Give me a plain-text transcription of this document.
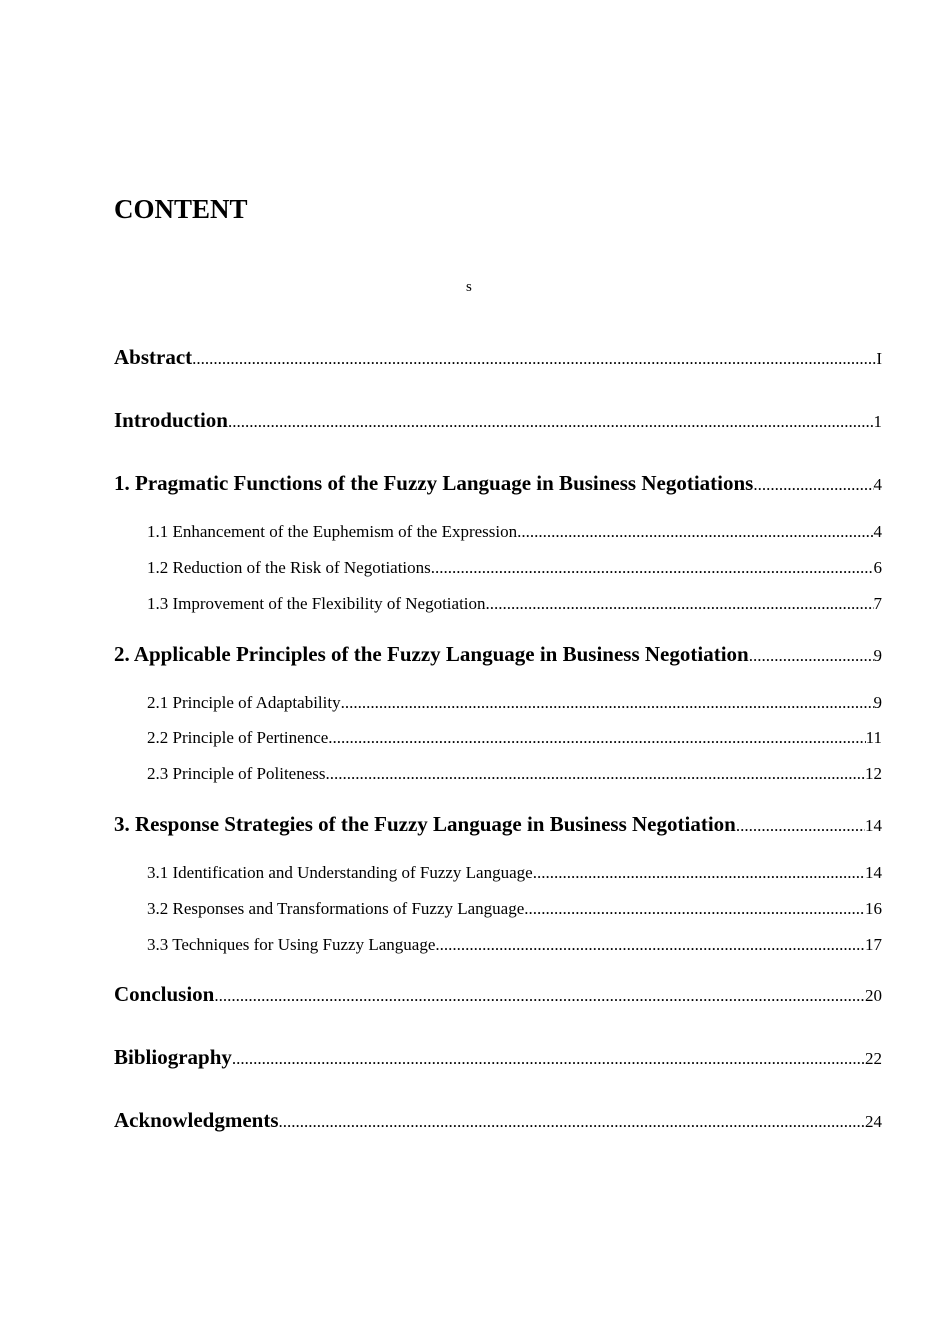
CONTENT
s
Abstract .....	I
Introduction .....	1
1. Pragmatic Functions of the Fuzzy Language in Business Negotiations .....	4
1.1 Enhancement of the Euphemism of the Expression .....	4
1.2 Reduction of the Risk of Negotiations .....	6
1.3 Improvement of the Flexibility of Negotiation .....	7
2. Applicable Principles of the Fuzzy Language in Business Negotiation .....	9
2.1 Principle of Adaptability .....	9
2.2 Principle of Pertinence .....	11
2.3 Principle of Politeness .....	12
3. Response Strategies of the Fuzzy Language in Business Negotiation .....	14
3.1 Identification and Understanding of Fuzzy Language .....	14
3.2 Responses and Transformations of Fuzzy Language .....	16
3.3 Techniques for Using Fuzzy Language .....	17
Conclusion .....	20
Bibliography .....	22
Acknowledgments .....	24
